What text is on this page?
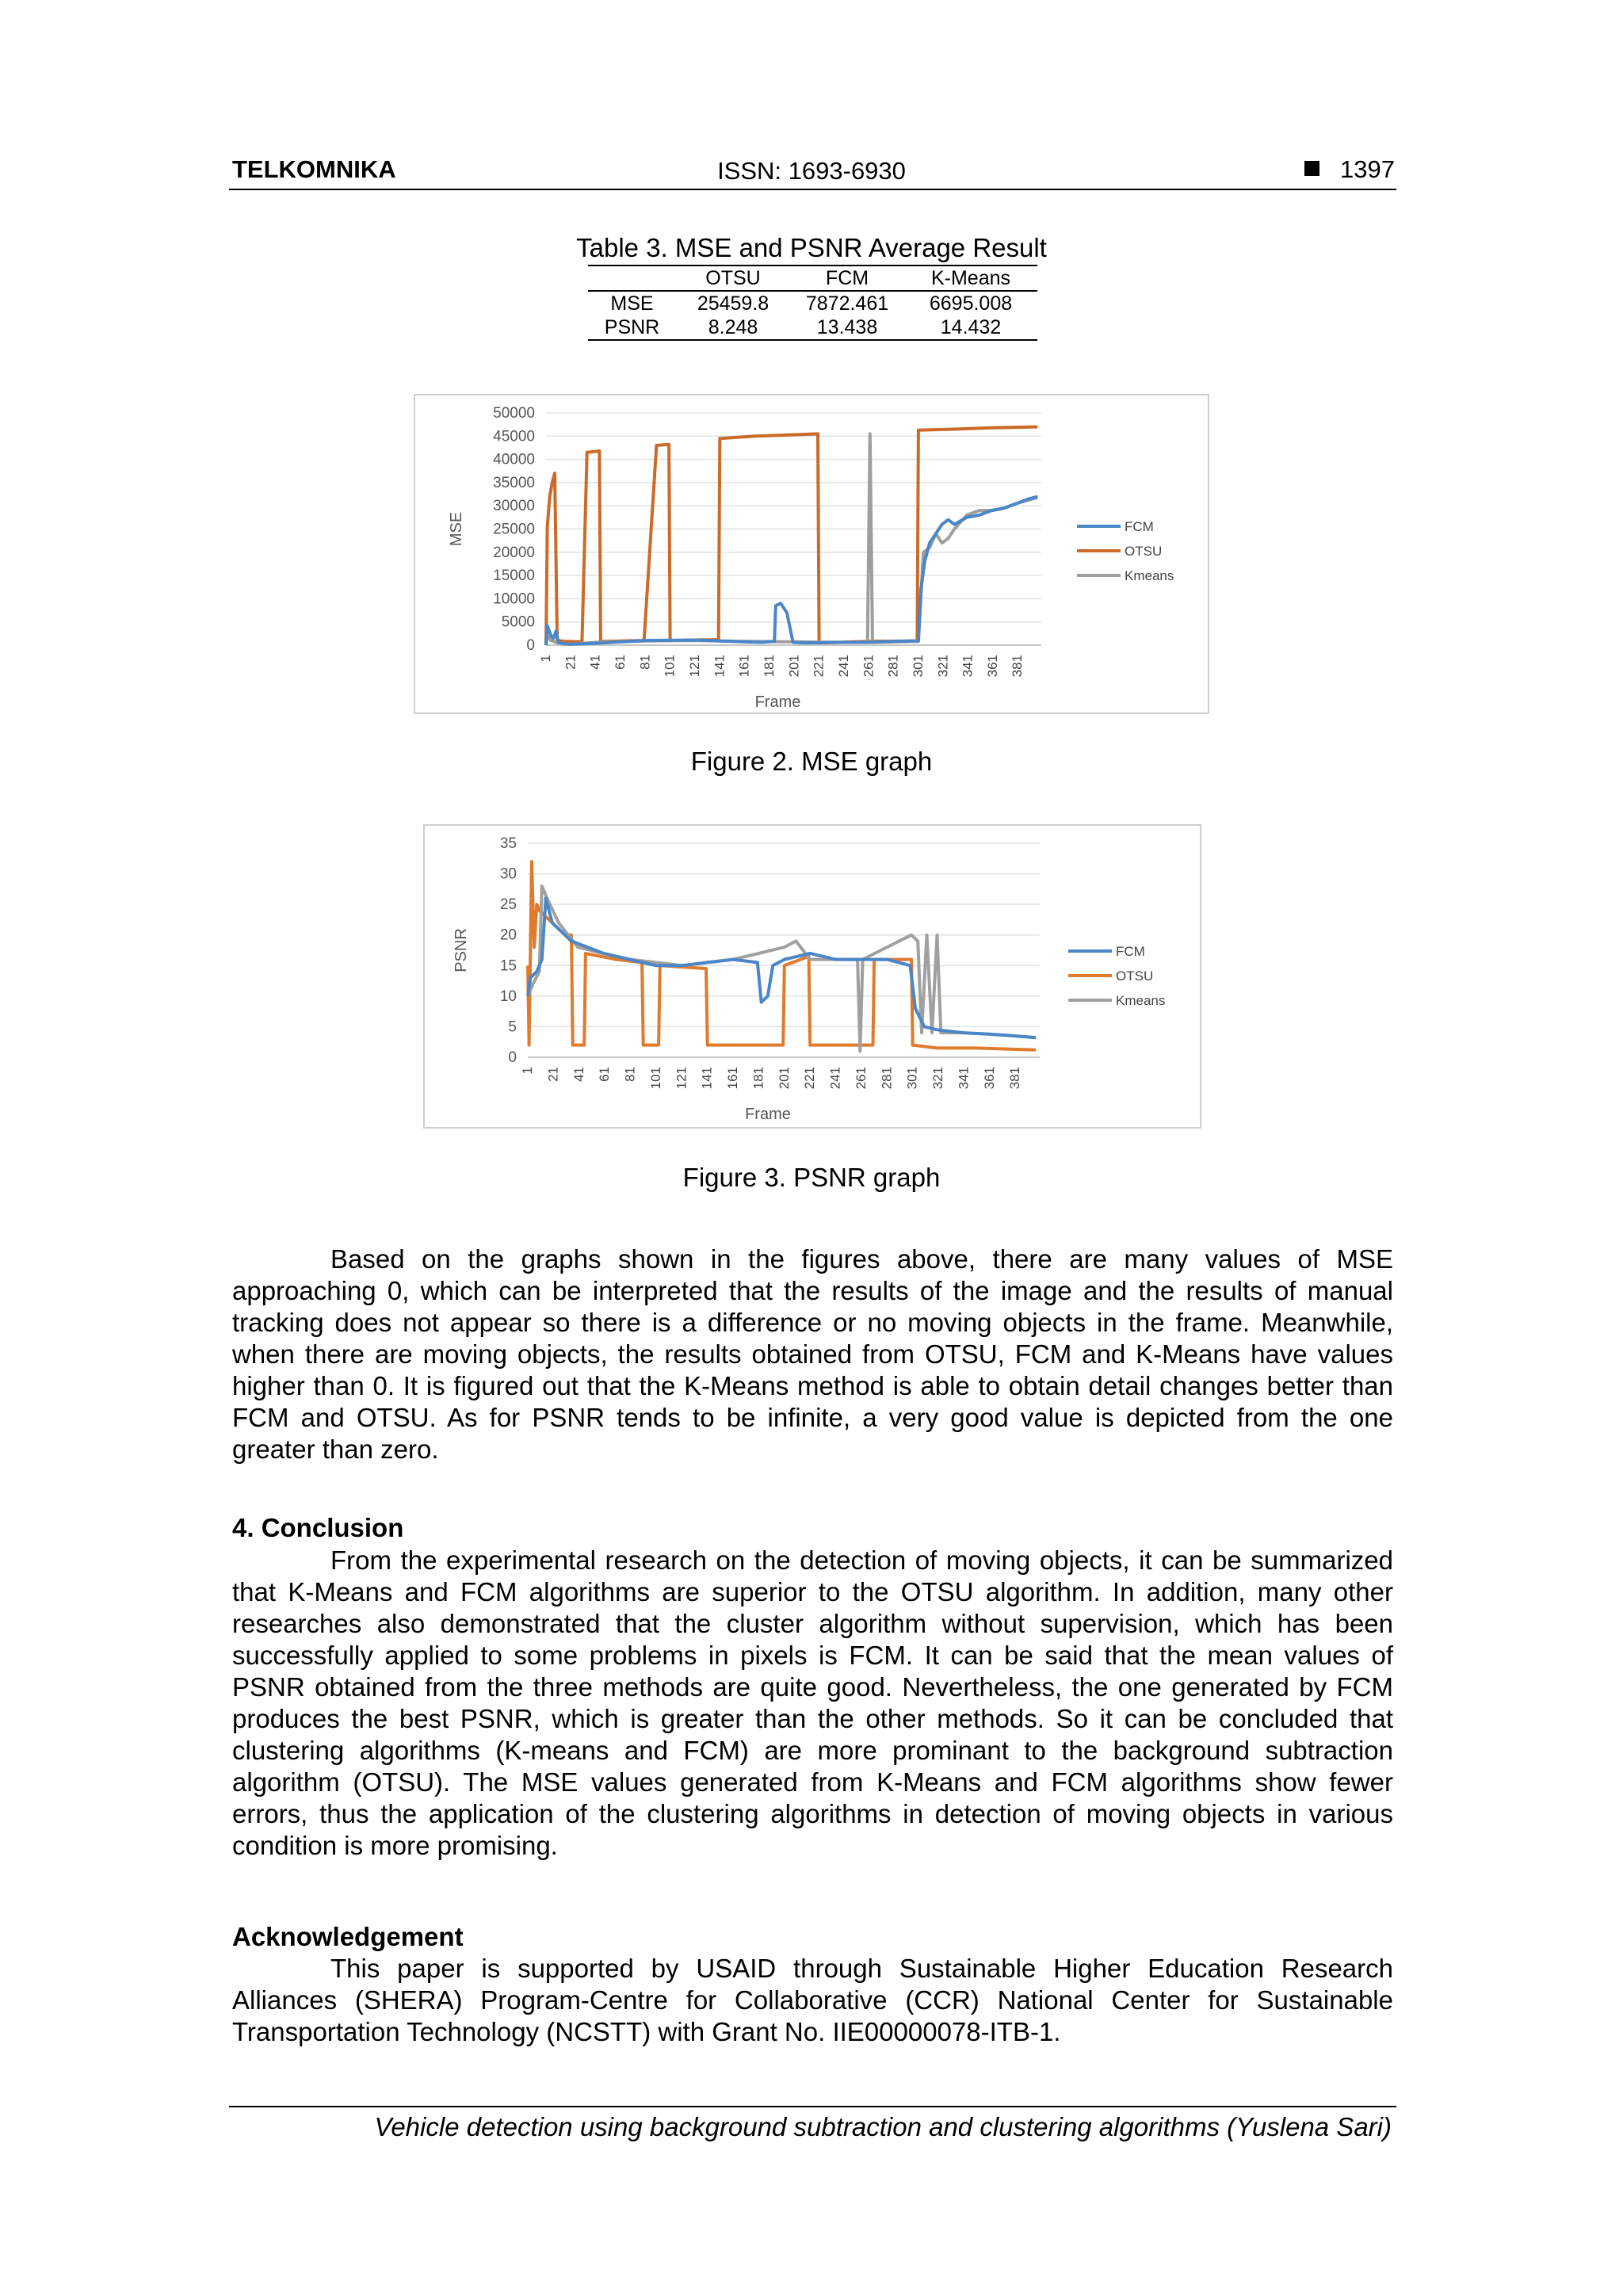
TELKOMNIKA	ISSN: 1693-6930	1397
Table 3. MSE and PSNR Average Result
	OTSU	FCM	K-Means
MSE	25459.8	7872.461	6695.008
PSNR	8.248	13.438	14.432
0
5000
10000
15000
20000
25000
30000
35000
40000
45000
50000
1 21 41 61 81 101 121 141 161 181 201 221 241 261 281 301 321 341 361 381
Frame
MSE	FCM
OTSU
Kmeans
Figure 2. MSE graph
0
5
10
15
20
25
30
35
1 21 41 61 81 101 121 141 161 181 201 221 241 261 281 301 321 341 361 381
Frame
PSNR	FCM
OTSU
Kmeans
Figure 3. PSNR graph

Based on the graphs shown in the figures above, there are many values of MSE approaching 0, which can be interpreted that the results of the image and the results of manual tracking does not appear so there is a difference or no moving objects in the frame. Meanwhile, when there are moving objects, the results obtained from OTSU, FCM and K-Means have values higher than 0. It is figured out that the K-Means method is able to obtain detail changes better than FCM and OTSU. As for PSNR tends to be infinite, a very good value is depicted from the one greater than zero.

4. Conclusion

From the experimental research on the detection of moving objects, it can be summarized that K-Means and FCM algorithms are superior to the OTSU algorithm. In addition, many other researches also demonstrated that the cluster algorithm without supervision, which has been successfully applied to some problems in pixels is FCM. It can be said that the mean values of PSNR obtained from the three methods are quite good. Nevertheless, the one generated by FCM produces the best PSNR, which is greater than the other methods. So it can be concluded that clustering algorithms (K-means and FCM) are more prominant to the background subtraction algorithm (OTSU). The MSE values generated from K-Means and FCM algorithms show fewer errors, thus the application of the clustering algorithms in detection of moving objects in various condition is more promising.

Acknowledgement

This paper is supported by USAID through Sustainable Higher Education Research Alliances (SHERA) Program-Centre for Collaborative (CCR) National Center for Sustainable Transportation Technology (NCSTT) with Grant No. IIE00000078-ITB-1.

Vehicle detection using background subtraction and clustering algorithms (Yuslena Sari)
